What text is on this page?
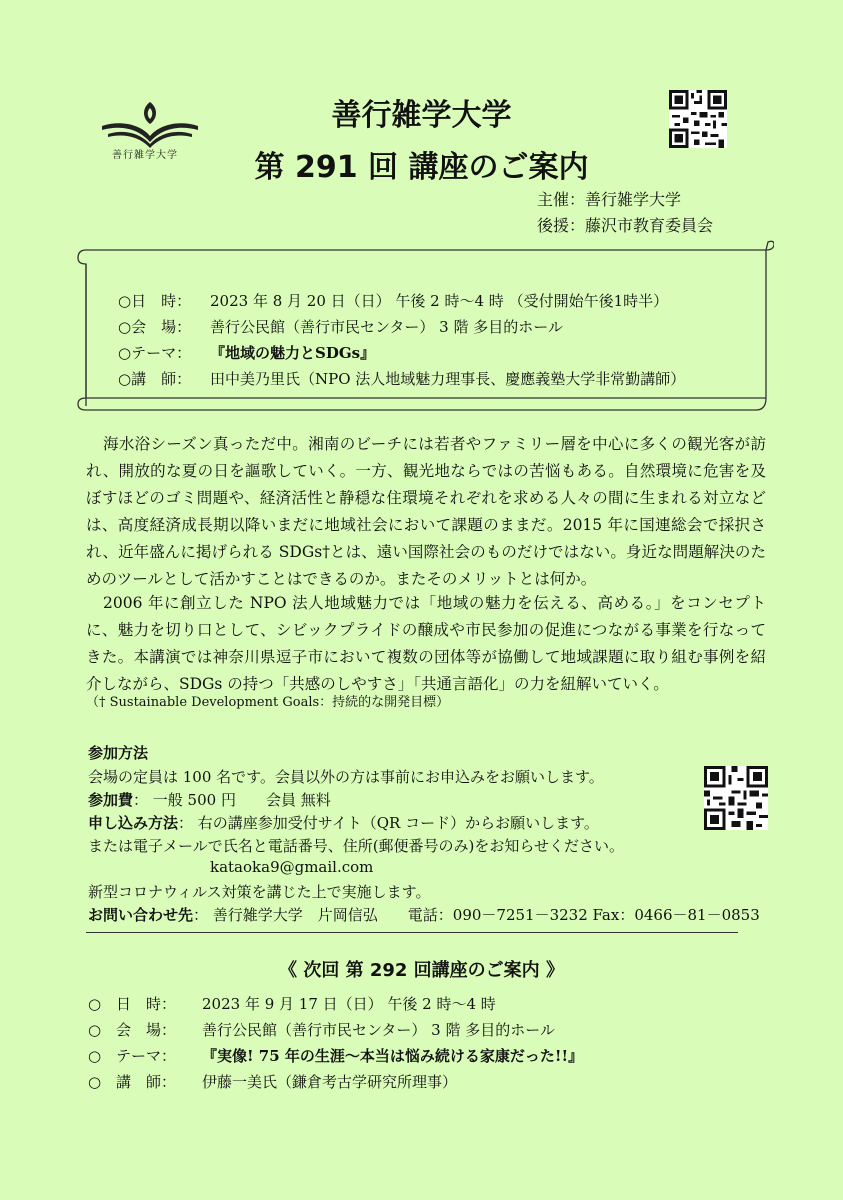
善行雑学大学
善行雑学大学
第 291 回 講座のご案内
主催：善行雑学大学
後援：藤沢市教育委員会
○日　時： 2023 年 8 月 20 日（日） 午後 2 時～4 時 （受付開始午後1時半）
○会　場： 善行公民館（善行市民センター） 3 階 多目的ホール
○テーマ： 『地域の魅力とSDGs』
○講　師： 田中美乃里氏（NPO 法人地域魅力理事長、慶應義塾大学非常勤講師）
海水浴シーズン真っただ中。湘南のビーチには若者やファミリー層を中心に多くの観光客が訪れ、開放的な夏の日を謳歌していく。一方、観光地ならではの苦悩もある。自然環境に危害を及ぼすほどのゴミ問題や、経済活性と静穏な住環境それぞれを求める人々の間に生まれる対立などは、高度経済成長期以降いまだに地域社会において課題のままだ。2015 年に国連総会で採択され、近年盛んに掲げられる SDGs†とは、遠い国際社会のものだけではない。身近な問題解決のためのツールとして活かすことはできるのか。またそのメリットとは何か。
2006 年に創立した NPO 法人地域魅力では「地域の魅力を伝える、高める。」をコンセプトに、魅力を切り口として、シビックプライドの醸成や市民参加の促進につながる事業を行なってきた。本講演では神奈川県逗子市において複数の団体等が協働して地域課題に取り組む事例を紹介しながら、SDGs の持つ「共感のしやすさ」「共通言語化」の力を紐解いていく。
（† Sustainable Development Goals：持続的な開発目標）
参加方法
会場の定員は 100 名です。会員以外の方は事前にお申込みをお願いします。
参加費： 一般 500 円　　会員 無料
申し込み方法： 右の講座参加受付サイト（QR コード）からお願いします。
または電子メールで氏名と電話番号、住所(郵便番号のみ)をお知らせください。
kataoka9@gmail.com
新型コロナウィルス対策を講じた上で実施します。
お問い合わせ先： 善行雑学大学　片岡信弘　　電話：090－7251－3232 Fax：0466－81－0853
《 次回 第 292 回講座のご案内 》
○ 日　時： 2023 年 9 月 17 日（日） 午後 2 時～4 時
○ 会　場： 善行公民館（善行市民センター） 3 階 多目的ホール
○ テーマ： 『実像! 75 年の生涯～本当は悩み続ける家康だった!!』
○ 講　師： 伊藤一美氏（鎌倉考古学研究所理事）
